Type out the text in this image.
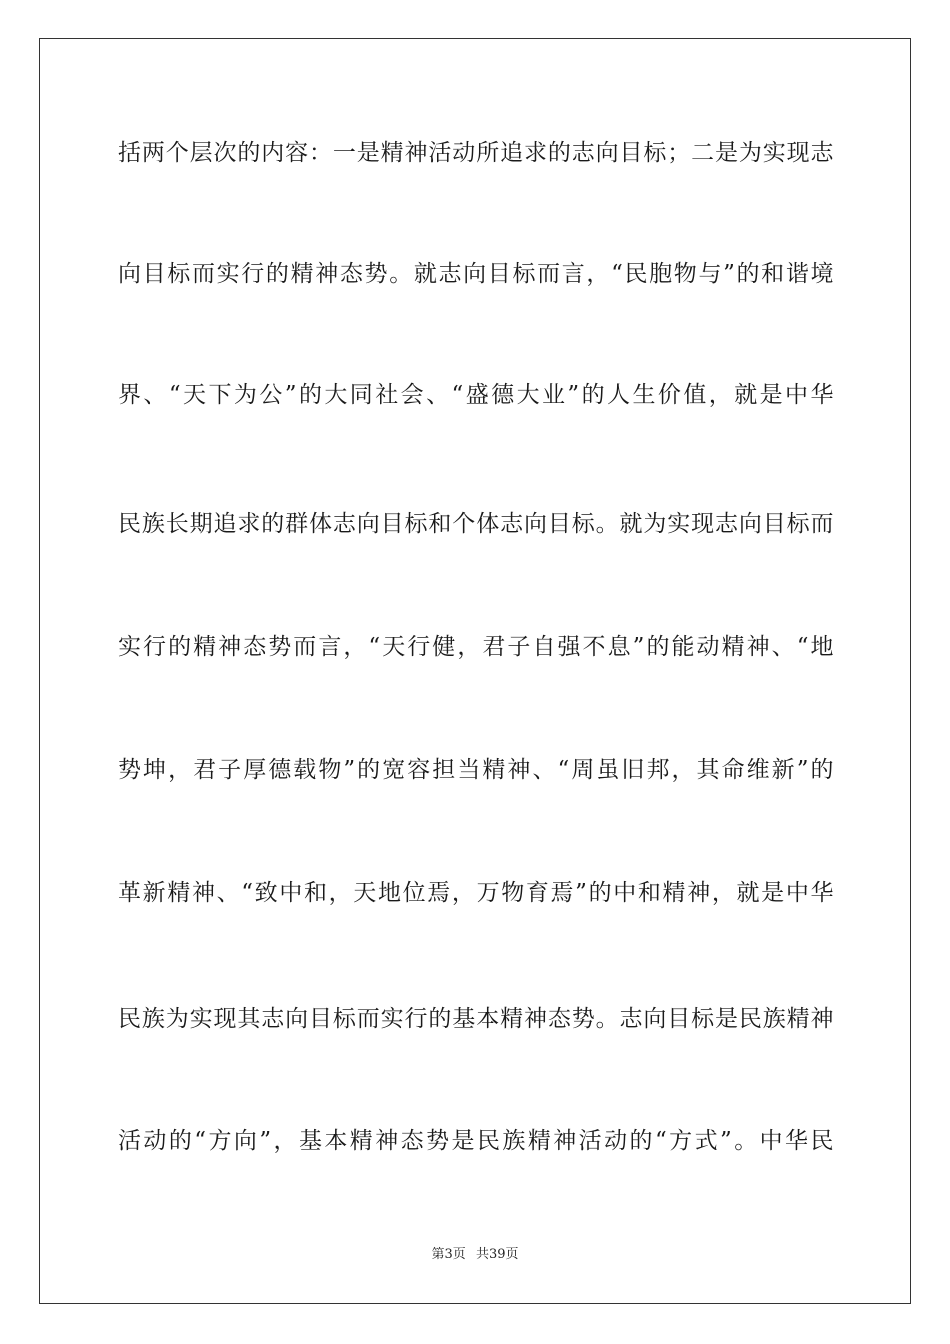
括两个层次的内容：一是精神活动所追求的志向目标；二是为实现志
向目标而实行的精神态势。就志向目标而言，“民胞物与”的和谐境
界、“天下为公”的大同社会、“盛德大业”的人生价值，就是中华
民族长期追求的群体志向目标和个体志向目标。就为实现志向目标而
实行的精神态势而言，“天行健，君子自强不息”的能动精神、“地
势坤，君子厚德载物”的宽容担当精神、“周虽旧邦，其命维新”的
革新精神、“致中和，天地位焉，万物育焉”的中和精神，就是中华
民族为实现其志向目标而实行的基本精神态势。志向目标是民族精神
活动的“方向”，基本精神态势是民族精神活动的“方式”。中华民
第3页 共39页
